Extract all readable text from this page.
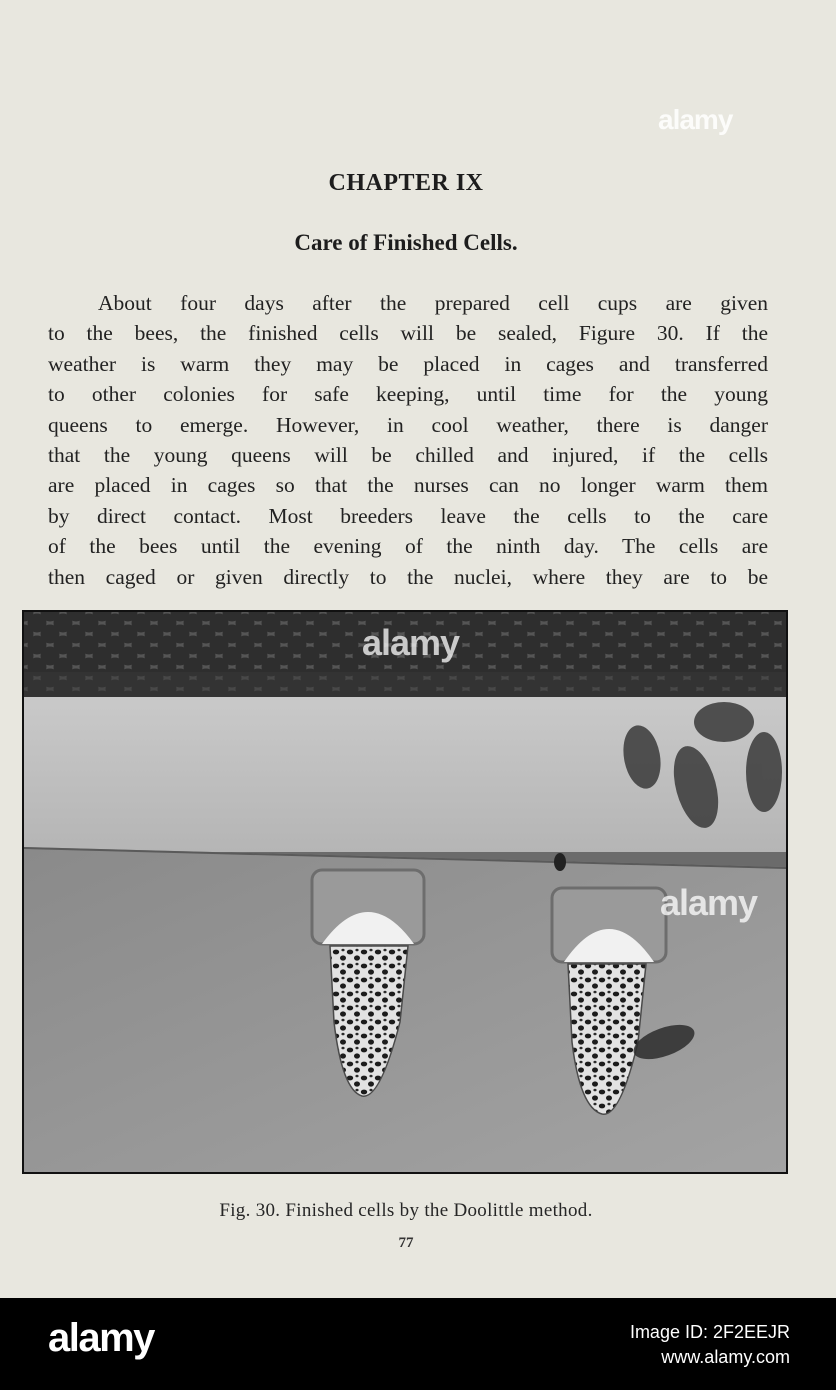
CHAPTER IX
Care of Finished Cells.

About four days after the prepared cell cups are given
to the bees, the finished cells will be sealed, Figure 30. If the
weather is warm they may be placed in cages and transferred
to other colonies for safe keeping, until time for the young
queens to emerge. However, in cool weather, there is danger
that the young queens will be chilled and injured, if the cells
are placed in cages so that the nurses can no longer warm them
by direct contact. Most breeders leave the cells to the care
of the bees until the evening of the ninth day. The cells are
then caged or given directly to the nuclei, where they are to be

alamy
alamy
alamy
Fig. 30. Finished cells by the Doolittle method.
77
alamy	Image ID: 2F2EEJR
www.alamy.com
